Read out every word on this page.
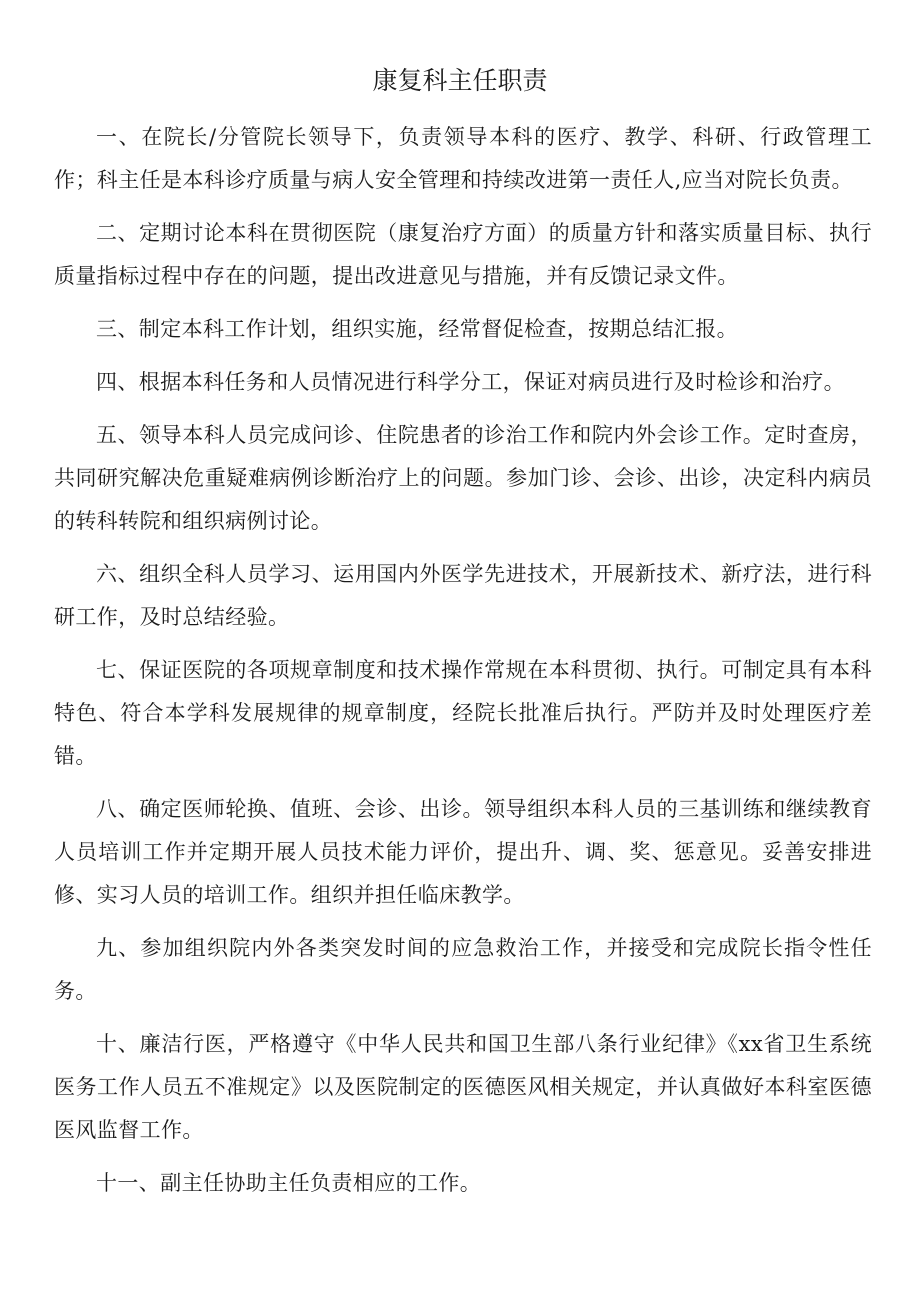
康复科主任职责

一、在院长/分管院长领导下，负责领导本科的医疗、教学、科研、行政管理工作；科主任是本科诊疗质量与病人安全管理和持续改进第一责任人,应当对院长负责。

二、定期讨论本科在贯彻医院（康复治疗方面）的质量方针和落实质量目标、执行质量指标过程中存在的问题，提出改进意见与措施，并有反馈记录文件。

三、制定本科工作计划，组织实施，经常督促检查，按期总结汇报。

四、根据本科任务和人员情况进行科学分工，保证对病员进行及时检诊和治疗。

五、领导本科人员完成问诊、住院患者的诊治工作和院内外会诊工作。定时查房，共同研究解决危重疑难病例诊断治疗上的问题。参加门诊、会诊、出诊，决定科内病员的转科转院和组织病例讨论。

六、组织全科人员学习、运用国内外医学先进技术，开展新技术、新疗法，进行科研工作，及时总结经验。

七、保证医院的各项规章制度和技术操作常规在本科贯彻、执行。可制定具有本科特色、符合本学科发展规律的规章制度，经院长批准后执行。严防并及时处理医疗差错。

八、确定医师轮换、值班、会诊、出诊。领导组织本科人员的三基训练和继续教育人员培训工作并定期开展人员技术能力评价，提出升、调、奖、惩意见。妥善安排进修、实习人员的培训工作。组织并担任临床教学。

九、参加组织院内外各类突发时间的应急救治工作，并接受和完成院长指令性任务。

十、廉洁行医，严格遵守《中华人民共和国卫生部八条行业纪律》《xx省卫生系统医务工作人员五不准规定》以及医院制定的医德医风相关规定，并认真做好本科室医德医风监督工作。

十一、副主任协助主任负责相应的工作。
